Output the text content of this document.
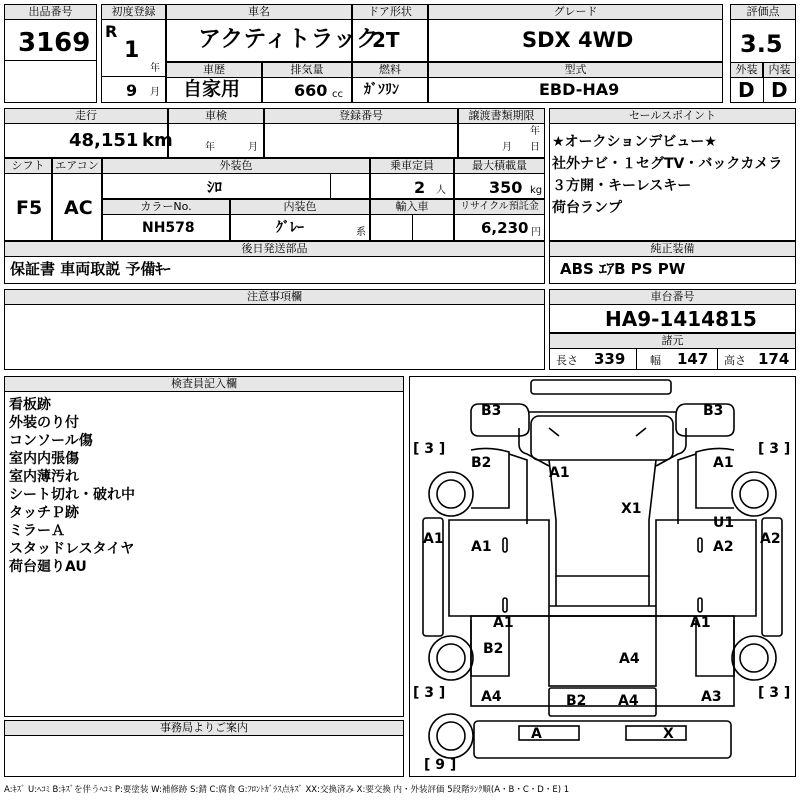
出品番号
3169
初度登録
R
1
年
9 月
車名
アクティトラック
ドア形状
2T
グレード
SDX 4WD
評価点
3.5
外装	内装
D D
車歴
自家用
排気量
660 cc
燃料
ｶﾞｿﾘﾝ
型式
EBD-HA9
走行
48,151 km
車検
年	月
登録番号	譲渡書類期限
年
月 日
シフト
F5
エアコン
AC
外装色
ｼﾛ
乗車定員
2 人
最大積載量
350 kg
カラーNo.
NH578
内装色
ｸﾞﾚｰ	系
輸入車	リサイクル預託金
6,230 円
後日発送部品
保証書 車両取説 予備ｷｰ
セールスポイント
★オークションデビュー★
社外ナビ・１セグTV・バックカメラ
３方開・キーレスキー
荷台ランプ
純正装備
ABS ｴｱB PS PW
注意事項欄	車台番号
HA9-1414815
諸元
長さ 339 幅 147 高さ 174
検査員記入欄
看板跡
外装のり付
コンソール傷
室内内張傷
室内薄汚れ
シート切れ・破れ中
タッチＰ跡
ミラーＡ
スタッドレスタイヤ
荷台廻りAU
事務局よりご案内
[ 3 ]	[ 3 ]
[ 3 ]	[ 3 ]
[ 9 ]
B3	B3
B2
A1
A1
X1
U1
A1 A1	A2 A2
A1	A1
B2
A4
A4	A3
B2 A4
A	X
A:ｷｽﾞ U:ﾍｺﾐ B:ｷｽﾞを伴うﾍｺﾐ P:要塗装 W:補修跡 S:錆 C:腐食 G:ﾌﾛﾝﾄｶﾞﾗｽ点ｷｽﾞ XX:交換済み X:要交換 内・外装評価 5段階ﾗﾝｸ順(A・B・C・D・E) 1
